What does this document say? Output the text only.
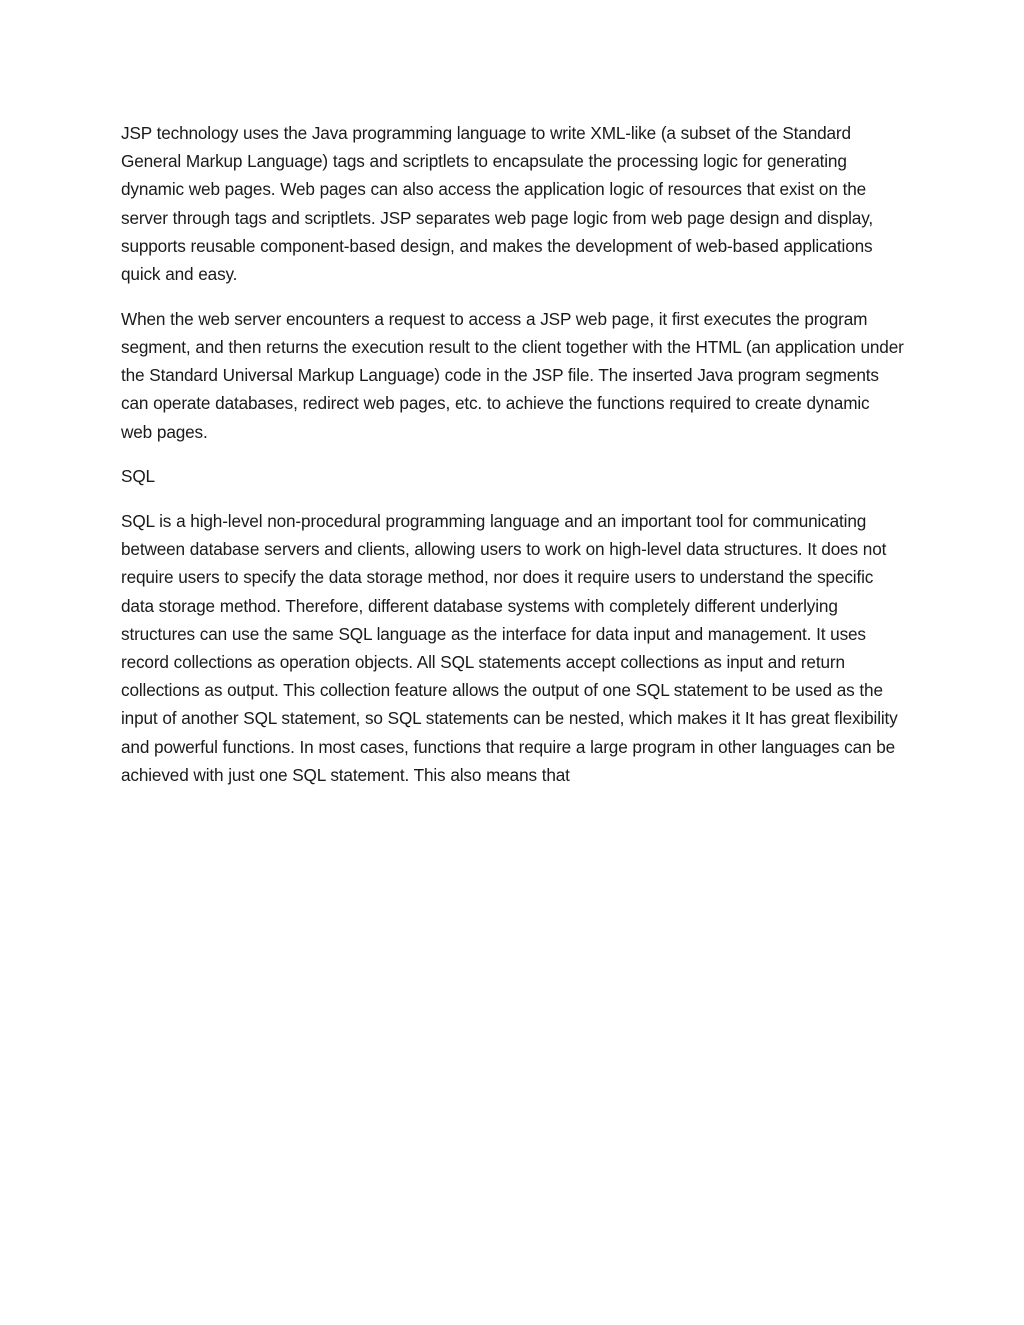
JSP technology uses the Java programming language to write XML-like (a subset of the Standard General Markup Language) tags and scriptlets to encapsulate the processing logic for generating dynamic web pages. Web pages can also access the application logic of resources that exist on the server through tags and scriptlets. JSP separates web page logic from web page design and display, supports reusable component-based design, and makes the development of web-based applications quick and easy.

When the web server encounters a request to access a JSP web page, it first executes the program segment, and then returns the execution result to the client together with the HTML (an application under the Standard Universal Markup Language) code in the JSP file. The inserted Java program segments can operate databases, redirect web pages, etc. to achieve the functions required to create dynamic web pages.

SQL

SQL is a high-level non-procedural programming language and an important tool for communicating between database servers and clients, allowing users to work on high-level data structures. It does not require users to specify the data storage method, nor does it require users to understand the specific data storage method. Therefore, different database systems with completely different underlying structures can use the same SQL language as the interface for data input and management. It uses record collections as operation objects. All SQL statements accept collections as input and return collections as output. This collection feature allows the output of one SQL statement to be used as the input of another SQL statement, so SQL statements can be nested, which makes it It has great flexibility and powerful functions. In most cases, functions that require a large program in other languages can be achieved with just one SQL statement. This also means that
